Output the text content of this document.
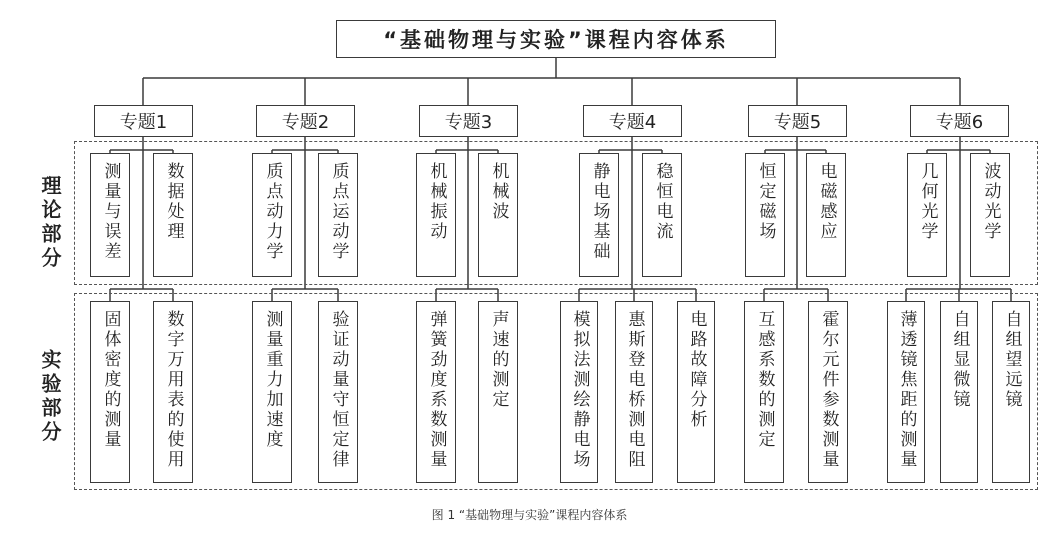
理论部分
实验部分
“基础物理与实验”课程内容体系
专题1	专题2	专题3	专题4	专题5	专题6
测量与误差	数据处理	质点动力学	质点运动学	机械振动 机械波	静电场基础	稳恒电流	恒定磁场 电磁感应	几何光学	波动光学
固体密度的测量	数字万用表的使用	测量重力加速度	验证动量守恒定律	弹簧劲度系数测量 声速的测定	模拟法测绘静电场 惠斯登电桥测电阻 电路故障分析	互感系数的测定	霍尔元件参数测量	薄透镜焦距的测量 自组显微镜 自组望远镜
图 1 “基础物理与实验”课程内容体系
